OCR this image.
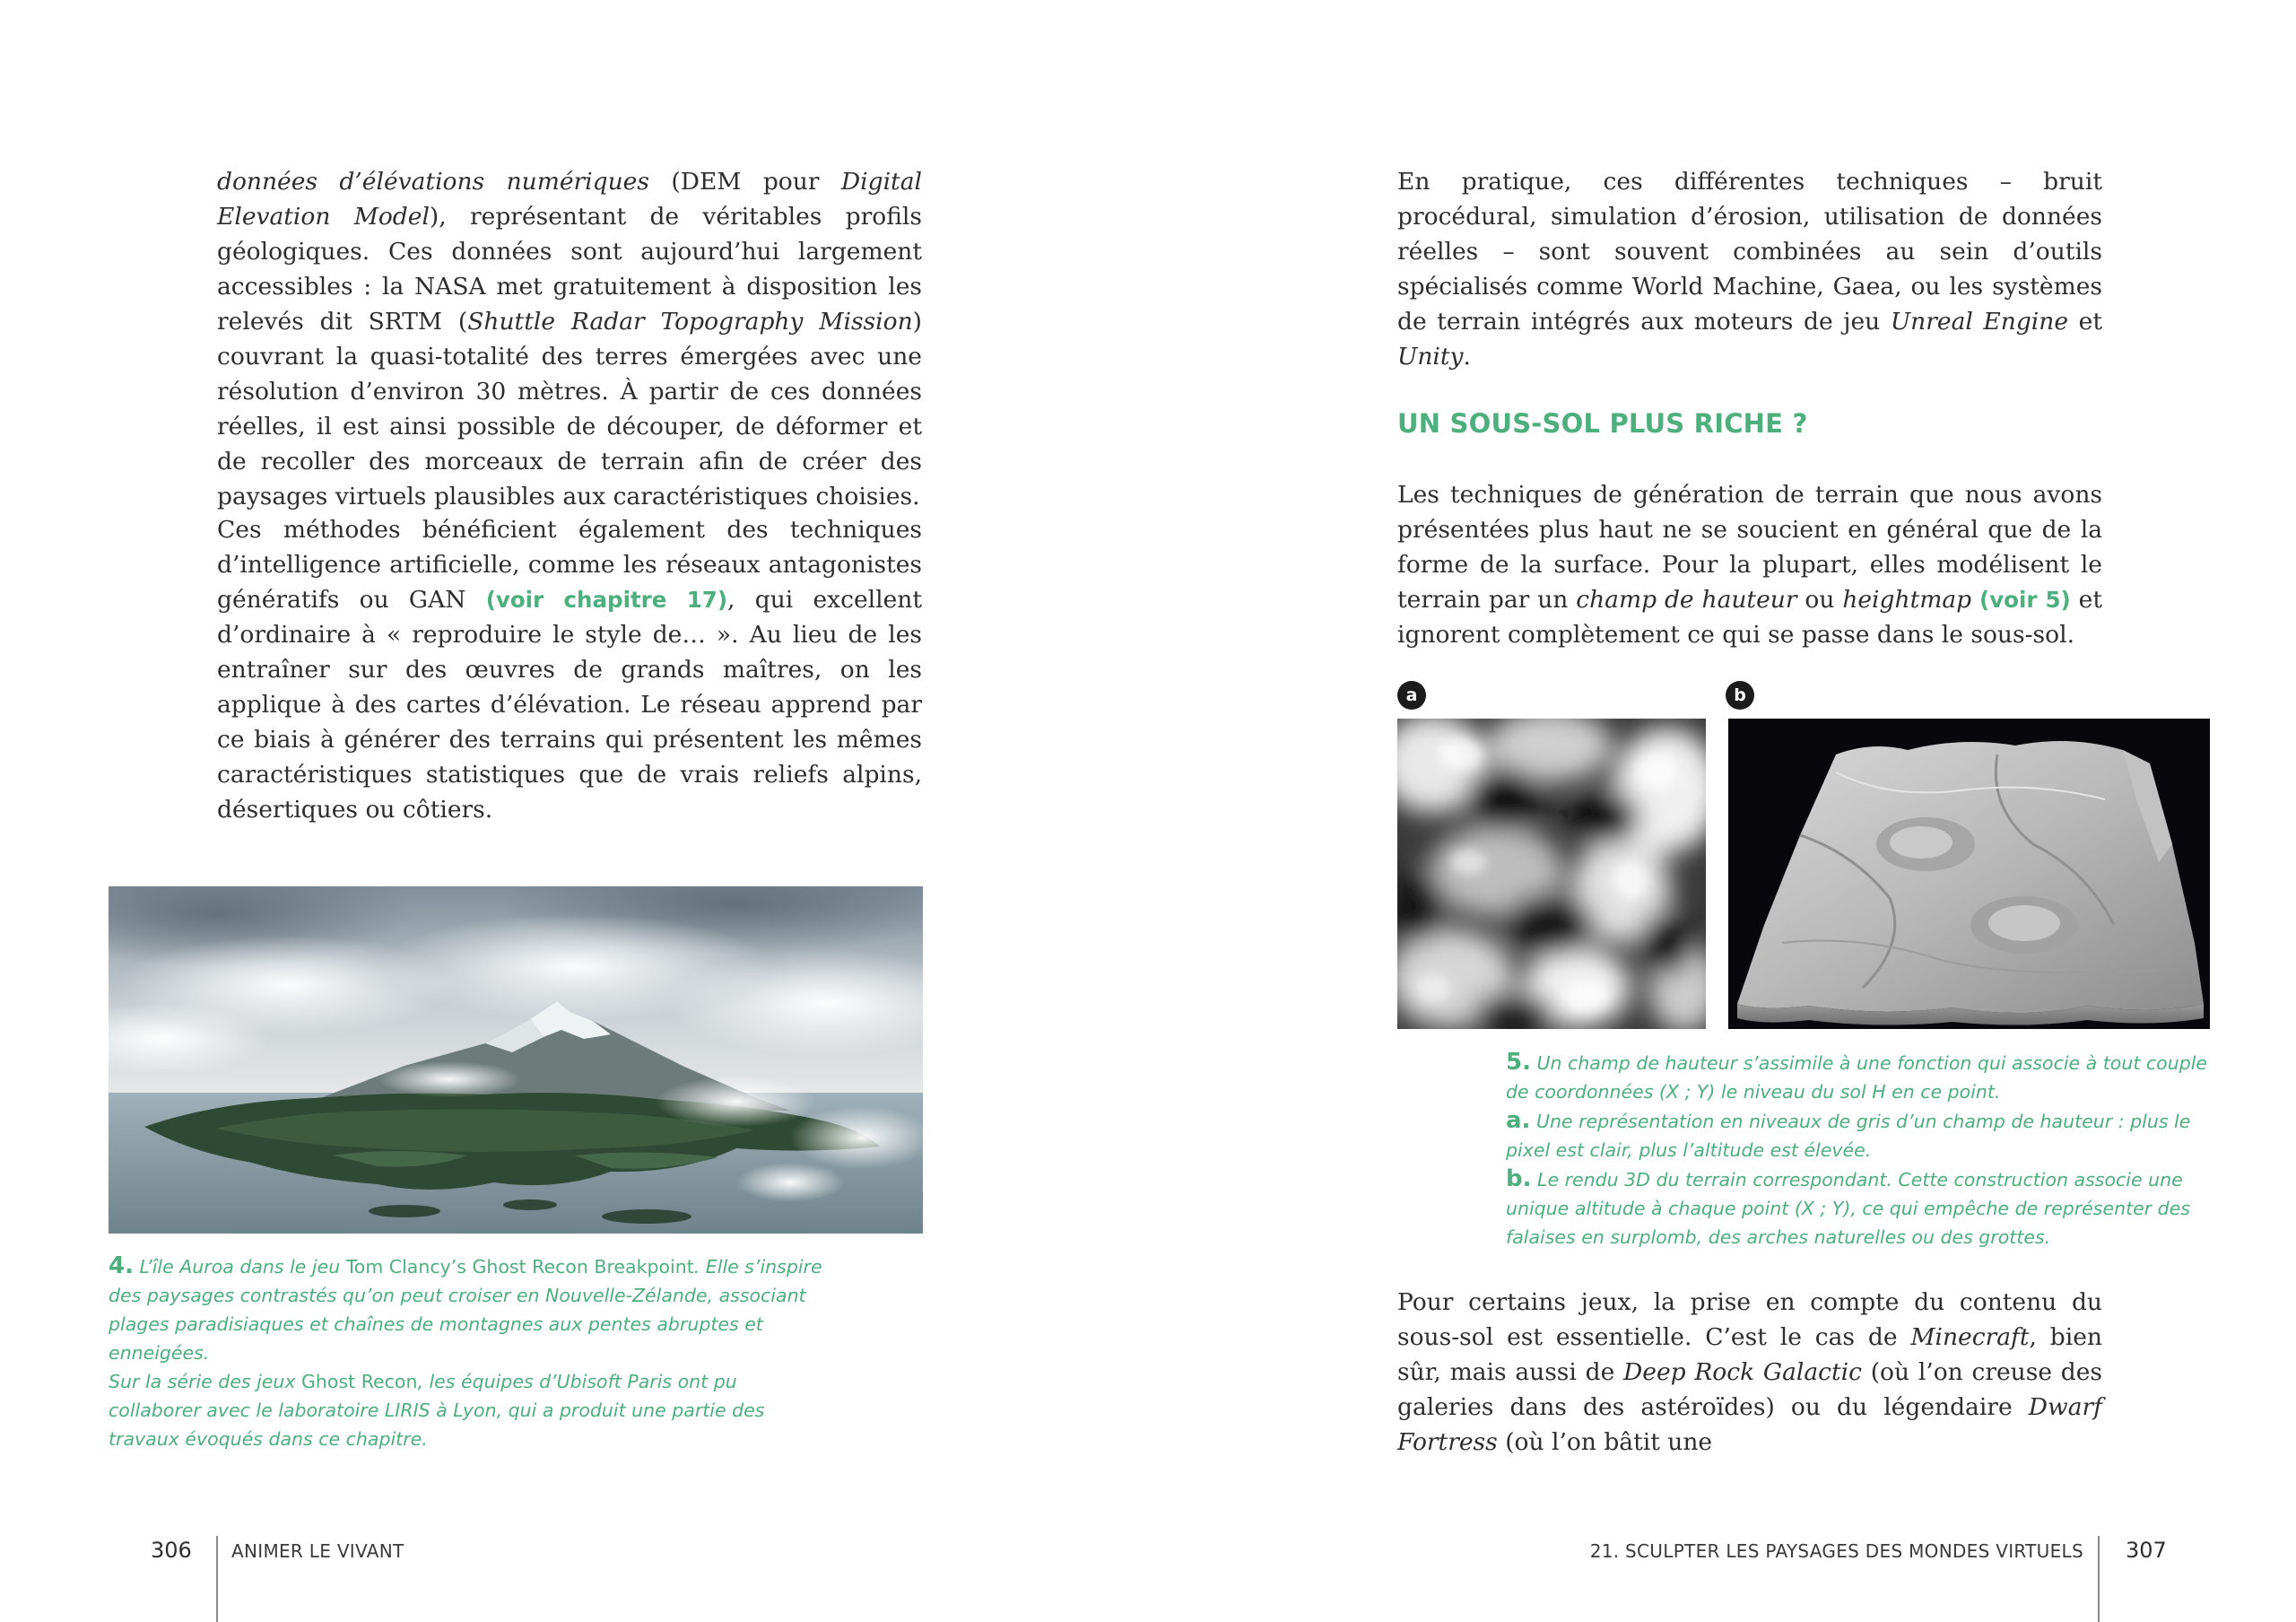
données d’élévations numériques (DEM pour Digital Elevation Model), représentant de véritables profils géologiques. Ces données sont aujourd’hui largement accessibles : la NASA met gratuitement à disposition les relevés dit SRTM (Shuttle Radar Topography Mission) couvrant la quasi-totalité des terres émergées avec une résolution d’environ 30 mètres. À partir de ces données réelles, il est ainsi possible de découper, de déformer et de recoller des morceaux de terrain afin de créer des paysages virtuels plausibles aux caractéristiques choisies.

Ces méthodes bénéficient également des techniques d’intelligence artificielle, comme les réseaux antagonistes génératifs ou GAN (voir chapitre 17), qui excellent d’ordinaire à « reproduire le style de… ». Au lieu de les entraîner sur des œuvres de grands maîtres, on les applique à des cartes d’élévation. Le réseau apprend par ce biais à générer des terrains qui présentent les mêmes caractéristiques statistiques que de vrais reliefs alpins, désertiques ou côtiers.

4. L’île Auroa dans le jeu Tom Clancy’s Ghost Recon Breakpoint. Elle s’inspire des paysages contrastés qu’on peut croiser en Nouvelle-Zélande, associant plages paradisiaques et chaînes de montagnes aux pentes abruptes et enneigées.
Sur la série des jeux Ghost Recon, les équipes d’Ubisoft Paris ont pu collaborer avec le laboratoire LIRIS à Lyon, qui a produit une partie des travaux évoqués dans ce chapitre.
306 ANIMER LE VIVANT

En pratique, ces différentes techniques – bruit procédural, simulation d’érosion, utilisation de données réelles – sont souvent combinées au sein d’outils spécialisés comme World Machine, Gaea, ou les systèmes de terrain intégrés aux moteurs de jeu Unreal Engine et Unity.

UN SOUS-SOL PLUS RICHE ?

Les techniques de génération de terrain que nous avons présentées plus haut ne se soucient en général que de la forme de la surface. Pour la plupart, elles modélisent le terrain par un champ de hauteur ou heightmap (voir 5) et ignorent complètement ce qui se passe dans le sous-sol.

a	b
5. Un champ de hauteur s’assimile à une fonction qui associe à tout couple de coordonnées (X ; Y) le niveau du sol H en ce point.
a. Une représentation en niveaux de gris d’un champ de hauteur : plus le pixel est clair, plus l’altitude est élevée.
b. Le rendu 3D du terrain correspondant. Cette construction associe une unique altitude à chaque point (X ; Y), ce qui empêche de représenter des falaises en surplomb, des arches naturelles ou des grottes.

Pour certains jeux, la prise en compte du contenu du sous-sol est essentielle. C’est le cas de Minecraft, bien sûr, mais aussi de Deep Rock Galactic (où l’on creuse des galeries dans des astéroïdes) ou du légendaire Dwarf Fortress (où l’on bâtit une

21. SCULPTER LES PAYSAGES DES MONDES VIRTUELS 307
